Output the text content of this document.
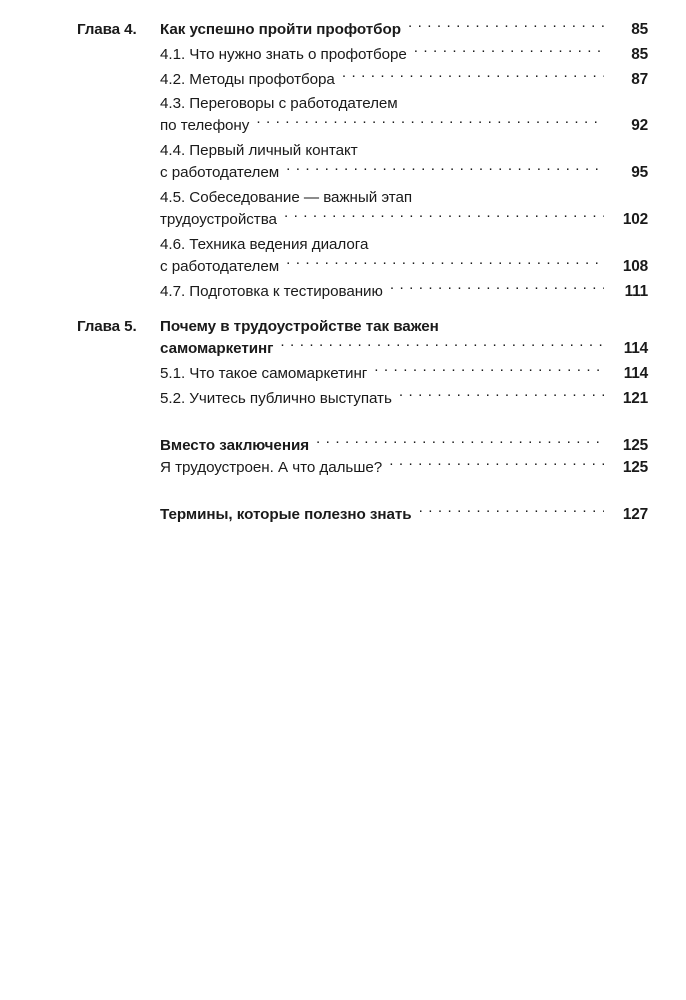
Глава 4.	Как успешно пройти профотбор . . .	85
4.1. Что нужно знать о профотборе . . .	85
4.2. Методы профотбора . . .	87
4.3. Переговоры с работодателем
по телефону . . .	92
4.4. Первый личный контакт
с работодателем . . .	95
4.5. Собеседование — важный этап
трудоустройства . . .	102
4.6. Техника ведения диалога
с работодателем . . .	108
4.7. Подготовка к тестированию . . .	111
Глава 5.	Почему в трудоустройстве так важен
самомаркетинг . . .	114
5.1. Что такое самомаркетинг . . .	114
5.2. Учитесь публично выступать . . .	121
Вместо заключения . . .	125
Я трудоустроен. А что дальше? . . .	125
Термины, которые полезно знать . . .	127
